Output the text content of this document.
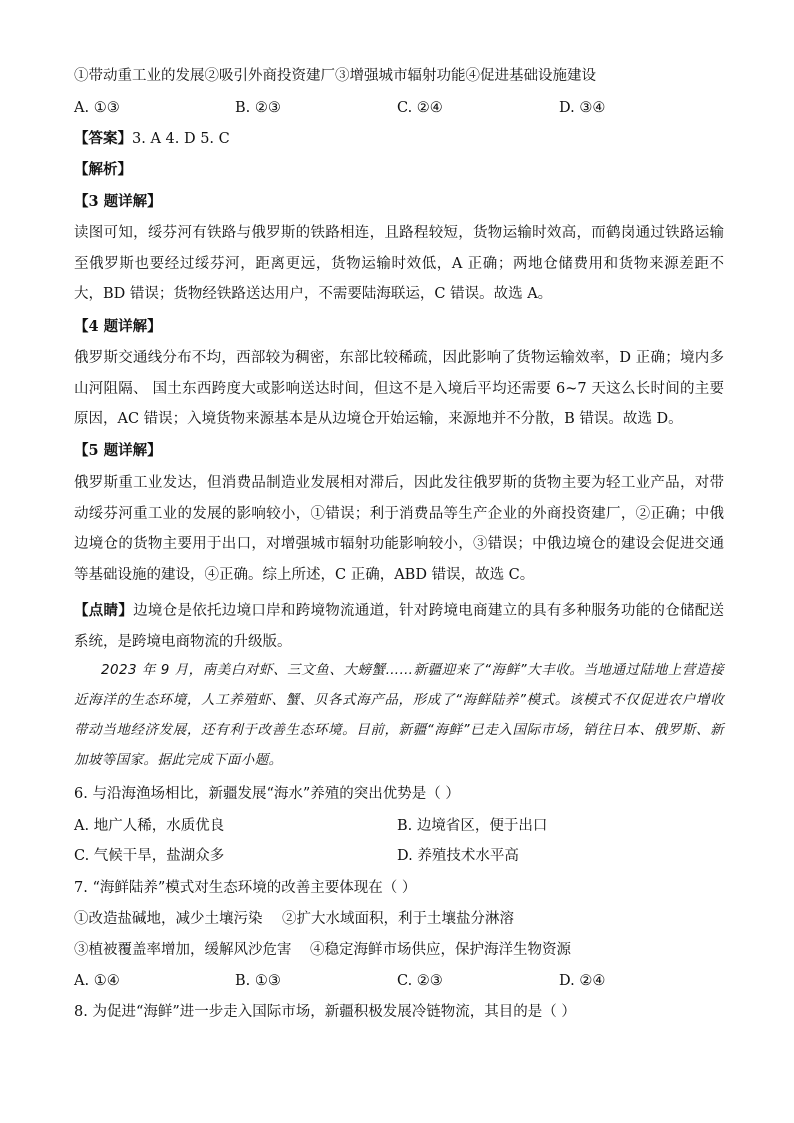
①带动重工业的发展②吸引外商投资建厂③增强城市辐射功能④促进基础设施建设
A. ①③	B. ②③	C. ②④	D. ③④
【答案】3. A 4. D 5. C
【解析】
【3 题详解】
读图可知，绥芬河有铁路与俄罗斯的铁路相连，且路程较短，货物运输时效高，而鹤岗通过铁路运输至俄罗斯也要经过绥芬河，距离更远，货物运输时效低，A 正确；两地仓储费用和货物来源差距不大，BD 错误；货物经铁路送达用户，不需要陆海联运，C 错误。故选 A。
【4 题详解】
俄罗斯交通线分布不均，西部较为稠密，东部比较稀疏，因此影响了货物运输效率，D 正确；境内多山河阻隔、 国土东西跨度大或影响送达时间，但这不是入境后平均还需要 6~7 天这么长时间的主要原因，AC 错误；入境货物来源基本是从边境仓开始运输，来源地并不分散，B 错误。故选 D。
【5 题详解】
俄罗斯重工业发达，但消费品制造业发展相对滞后，因此发往俄罗斯的货物主要为轻工业产品，对带动绥芬河重工业的发展的影响较小，①错误；利于消费品等生产企业的外商投资建厂，②正确；中俄边境仓的货物主要用于出口，对增强城市辐射功能影响较小，③错误；中俄边境仓的建设会促进交通等基础设施的建设，④正确。综上所述，C 正确，ABD 错误，故选 C。
【点睛】边境仓是依托边境口岸和跨境物流通道，针对跨境电商建立的具有多种服务功能的仓储配送系统，是跨境电商物流的升级版。
2023 年 9 月，南美白对虾、三文鱼、大螃蟹……新疆迎来了“海鲜”大丰收。当地通过陆地上营造接近海洋的生态环境，人工养殖虾、蟹、贝各式海产品，形成了“海鲜陆养”模式。该模式不仅促进农户增收带动当地经济发展，还有利于改善生态环境。目前，新疆“海鲜”已走入国际市场，销往日本、俄罗斯、新加坡等国家。据此完成下面小题。
6. 与沿海渔场相比，新疆发展“海水”养殖的突出优势是（ ）
A. 地广人稀，水质优良	B. 边境省区，便于出口
C. 气候干旱，盐湖众多	D. 养殖技术水平高
7. “海鲜陆养”模式对生态环境的改善主要体现在（ ）
①改造盐碱地，减少土壤污染 ②扩大水域面积，利于土壤盐分淋溶
③植被覆盖率增加，缓解风沙危害 ④稳定海鲜市场供应，保护海洋生物资源
A. ①④	B. ①③	C. ②③	D. ②④
8. 为促进“海鲜”进一步走入国际市场，新疆积极发展冷链物流，其目的是（ ）
